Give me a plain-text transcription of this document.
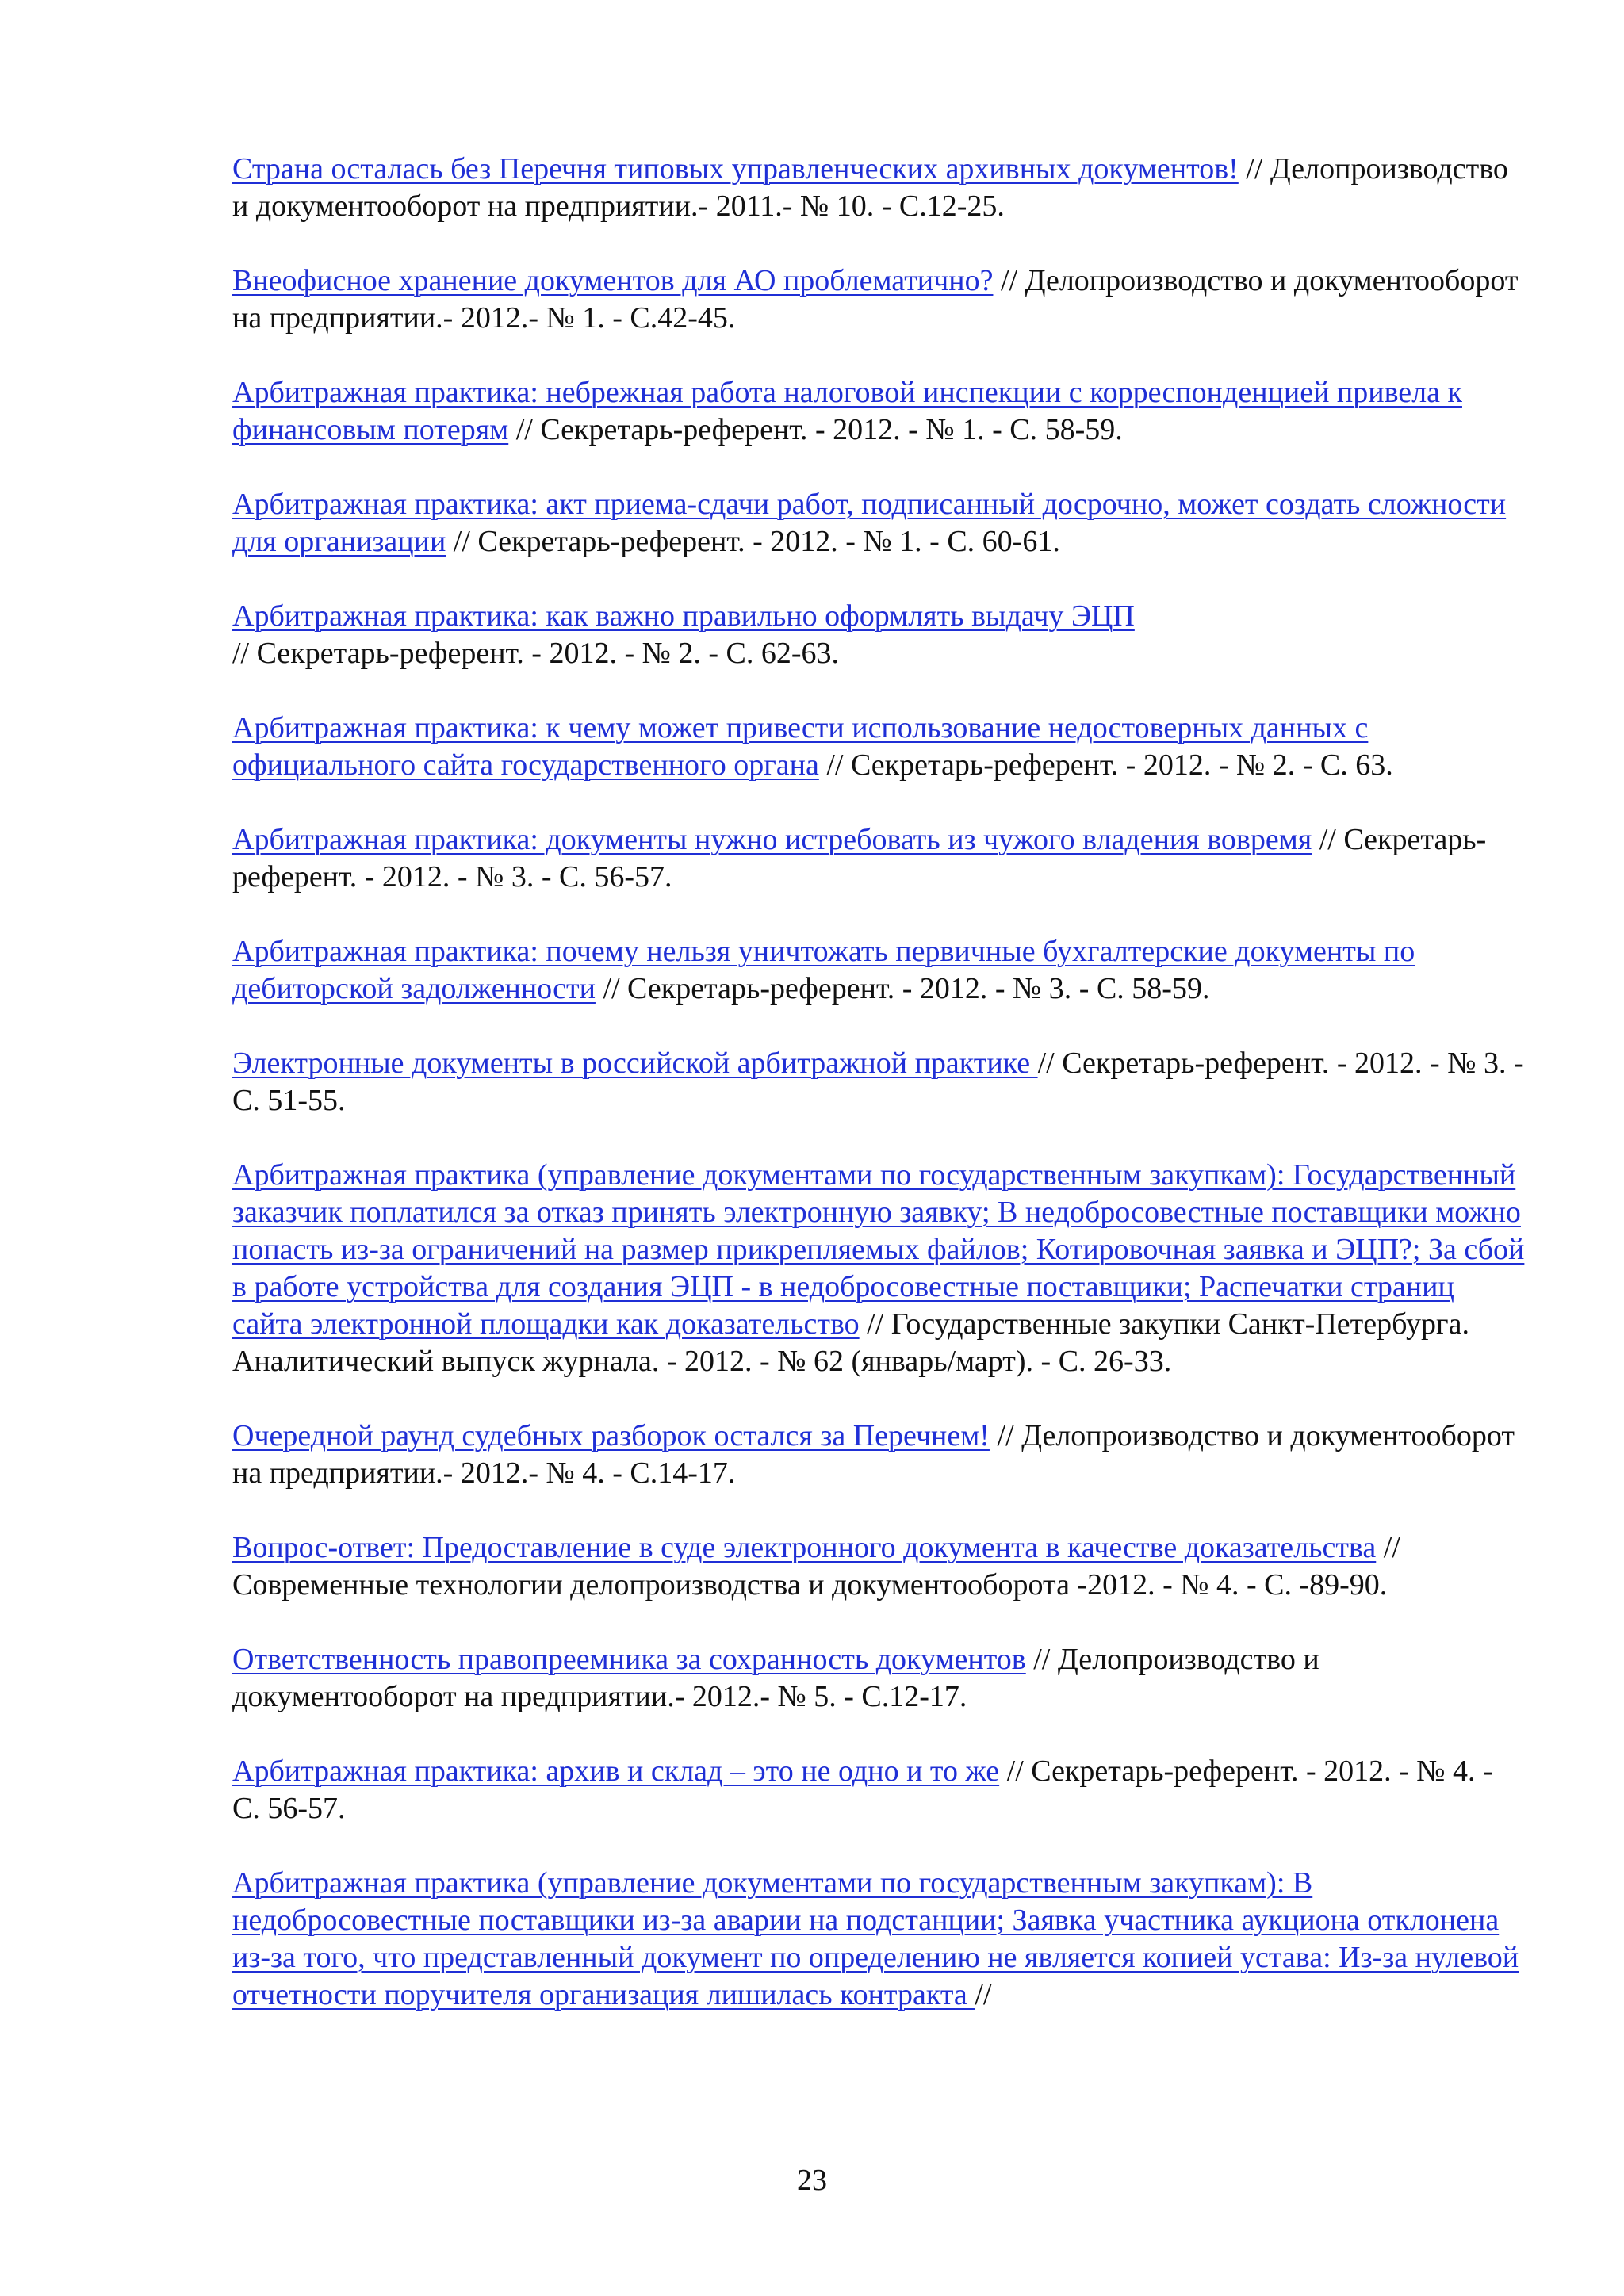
Страна осталась без Перечня типовых управленческих архивных документов! // Делопроизводство и документооборот на предприятии.- 2011.- № 10. - С.12-25.

Внеофисное хранение документов для АО проблематично? // Делопроизводство и документооборот на предприятии.- 2012.- № 1. - С.42-45.

Арбитражная практика: небрежная работа налоговой инспекции с корреспонденцией привела к финансовым потерям // Секретарь-референт. - 2012. - № 1. - С. 58-59.

Арбитражная практика: акт приема-сдачи работ, подписанный досрочно, может создать сложности для организации // Секретарь-референт. - 2012. - № 1. - С. 60-61.

Арбитражная практика: как важно правильно оформлять выдачу ЭЦП
// Секретарь-референт. - 2012. - № 2. - С. 62-63.

Арбитражная практика: к чему может привести использование недостоверных данных с официального сайта государственного органа // Секретарь-референт. - 2012. - № 2. - С. 63.

Арбитражная практика: документы нужно истребовать из чужого владения вовремя // Секретарь-референт. - 2012. - № 3. - С. 56-57.

Арбитражная практика: почему нельзя уничтожать первичные бухгалтерские документы по дебиторской задолженности // Секретарь-референт. - 2012. - № 3. - С. 58-59.

Электронные документы в российской арбитражной практике // Секретарь-референт. - 2012. - № 3. - С. 51-55.

Арбитражная практика (управление документами по государственным закупкам): Государственный заказчик поплатился за отказ принять электронную заявку; В недобросовестные поставщики можно попасть из-за ограничений на размер прикрепляемых файлов; Котировочная заявка и ЭЦП?; За сбой в работе устройства для создания ЭЦП - в недобросовестные поставщики; Распечатки страниц сайта электронной площадки как доказательство // Государственные закупки Санкт-Петербурга. Аналитический выпуск журнала. - 2012. - № 62 (январь/март). - С. 26-33.

Очередной раунд судебных разборок остался за Перечнем! // Делопроизводство и документооборот на предприятии.- 2012.- № 4. - С.14-17.

Вопрос-ответ: Предоставление в суде электронного документа в качестве доказательства // Современные технологии делопроизводства и документооборота -2012. - № 4. - С. -89-90.

Ответственность правопреемника за сохранность документов // Делопроизводство и документооборот на предприятии.- 2012.- № 5. - С.12-17.

Арбитражная практика: архив и склад – это не одно и то же // Секретарь-референт. - 2012. - № 4. - С. 56-57.

Арбитражная практика (управление документами по государственным закупкам): В недобросовестные поставщики из-за аварии на подстанции; Заявка участника аукциона отклонена из-за того, что представленный документ по определению не является копией устава: Из-за нулевой отчетности поручителя организация лишилась контракта //

23
